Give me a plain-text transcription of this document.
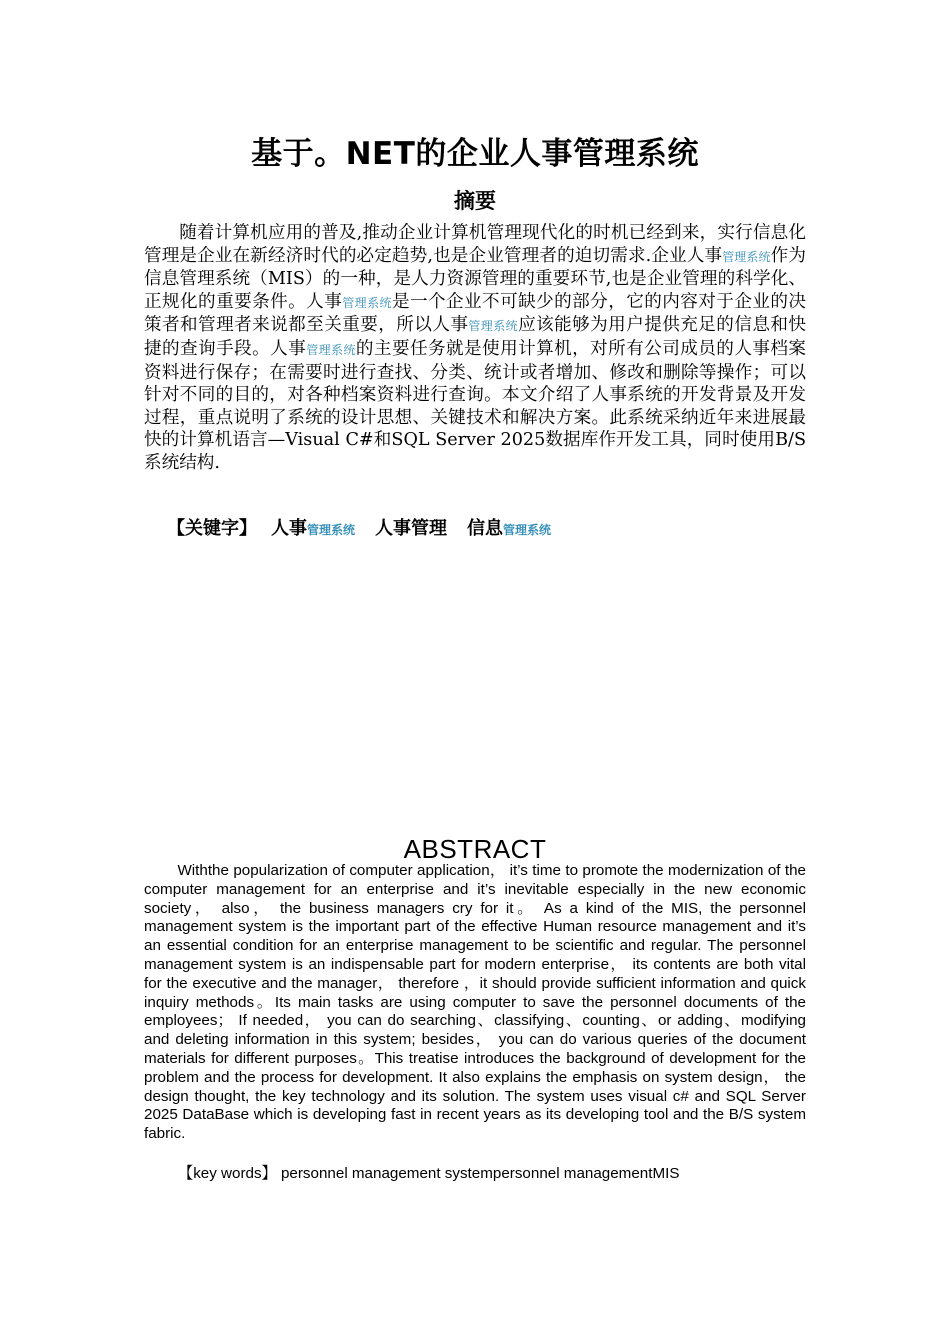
基于。NET的企业人事管理系统
摘要
随着计算机应用的普及,推动企业计算机管理现代化的时机已经到来，实行信息化管理是企业在新经济时代的必定趋势,也是企业管理者的迫切需求.企业人事管理系统作为信息管理系统（MIS）的一种，是人力资源管理的重要环节,也是企业管理的科学化、正规化的重要条件。人事管理系统是一个企业不可缺少的部分，它的内容对于企业的决策者和管理者来说都至关重要，所以人事管理系统应该能够为用户提供充足的信息和快捷的查询手段。人事管理系统的主要任务就是使用计算机，对所有公司成员的人事档案资料进行保存；在需要时进行查找、分类、统计或者增加、修改和删除等操作；可以针对不同的目的，对各种档案资料进行查询。本文介绍了人事系统的开发背景及开发过程，重点说明了系统的设计思想、关键技术和解决方案。此系统采纳近年来进展最快的计算机语言—Visual C#和SQL Server 2025数据库作开发工具，同时使用B/S系统结构.
【关键字】 人事管理系统 人事管理 信息管理系统
ABSTRACT
Withthe popularization of computer application， it’s time to promote the modernization of the computer management for an enterprise and it’s inevitable especially in the new economic society， also， the business managers cry for it。 As a kind of the MIS, the personnel management system is the important part of the effective Human resource management and it’s an essential condition for an enterprise management to be scientific and regular. The personnel management system is an indispensable part for modern enterprise， its contents are both vital for the executive and the manager， therefore ，it should provide sufficient information and quick inquiry methods。Its main tasks are using computer to save the personnel documents of the employees； If needed， you can do searching、classifying、counting、or adding、modifying and deleting information in this system; besides， you can do various queries of the document materials for different purposes。This treatise introduces the background of development for the problem and the process for development. It also explains the emphasis on system design， the design thought, the key technology and its solution. The system uses visual c# and SQL Server 2025 DataBase which is developing fast in recent years as its developing tool and the B/S system fabric.
【key words】 personnel management systempersonnel managementMIS
